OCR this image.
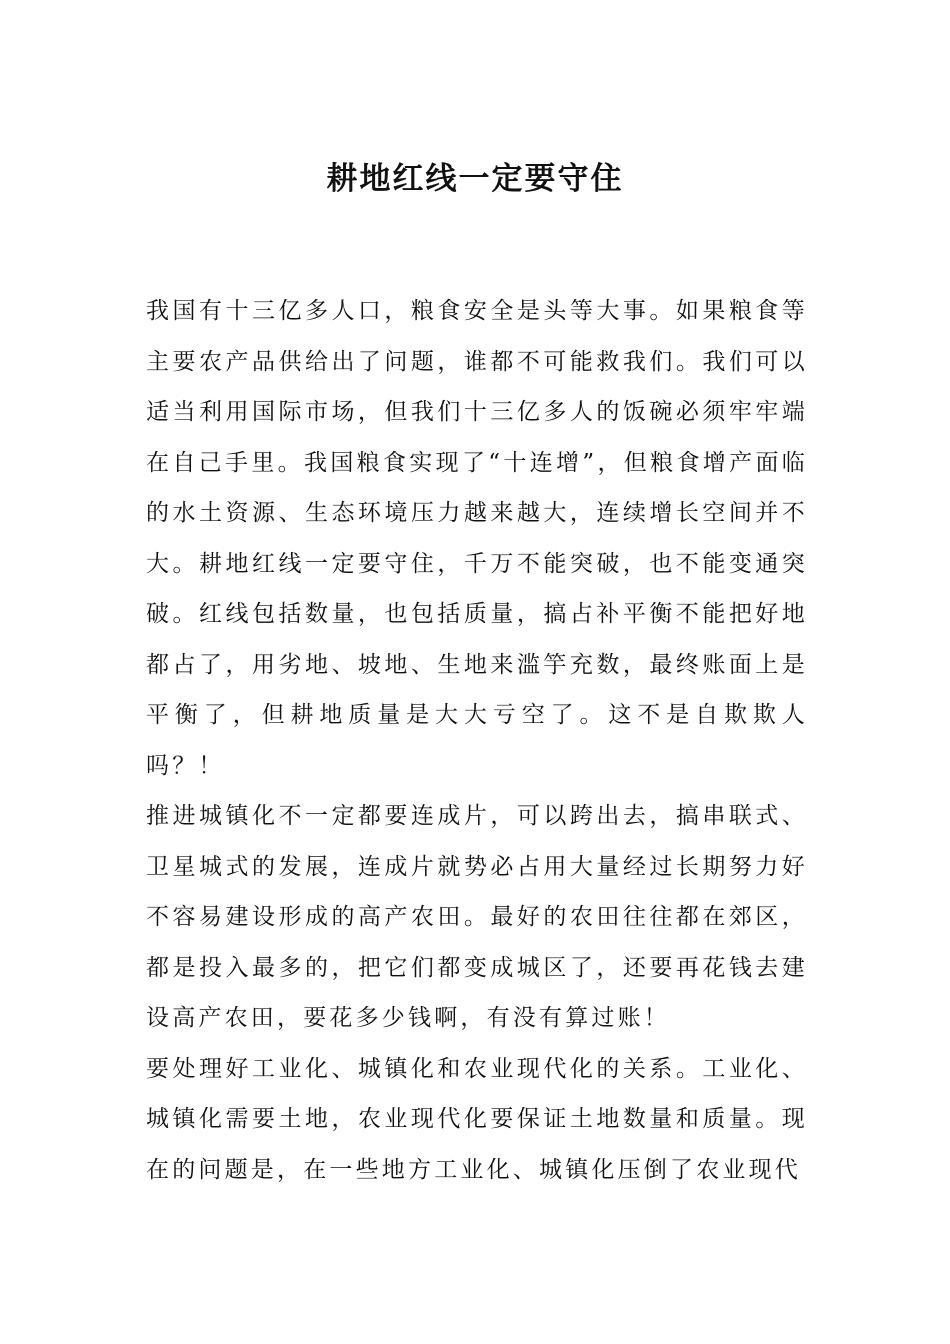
耕地红线一定要守住

我国有十三亿多人口，粮食安全是头等大事。如果粮食等主要农产品供给出了问题，谁都不可能救我们。我们可以适当利用国际市场，但我们十三亿多人的饭碗必须牢牢端在自己手里。我国粮食实现了“十连增”，但粮食增产面临的水土资源、生态环境压力越来越大，连续增长空间并不大。耕地红线一定要守住，千万不能突破，也不能变通突破。红线包括数量，也包括质量，搞占补平衡不能把好地都占了，用劣地、坡地、生地来滥竽充数，最终账面上是平衡了，但耕地质量是大大亏空了。这不是自欺欺人吗？！

推进城镇化不一定都要连成片，可以跨出去，搞串联式、卫星城式的发展，连成片就势必占用大量经过长期努力好不容易建设形成的高产农田。最好的农田往往都在郊区，都是投入最多的，把它们都变成城区了，还要再花钱去建设高产农田，要花多少钱啊，有没有算过账！

要处理好工业化、城镇化和农业现代化的关系。工业化、城镇化需要土地，农业现代化要保证土地数量和质量。现在的问题是，在一些地方工业化、城镇化压倒了农业现代
